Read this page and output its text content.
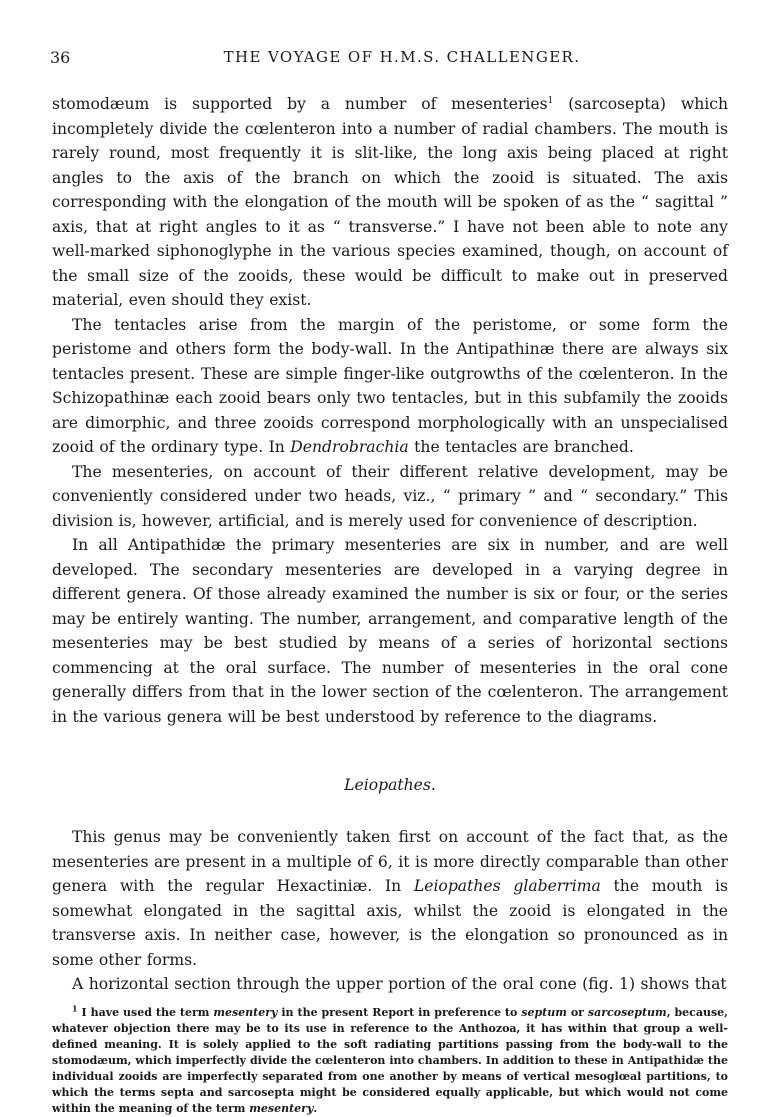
36	THE VOYAGE OF H.M.S. CHALLENGER.

stomodæum is supported by a number of mesenteries$^1$ (sarcosepta) which incompletely divide the cœlenteron into a number of radial chambers. The mouth is rarely round, most frequently it is slit-like, the long axis being placed at right angles to the axis of the branch on which the zooid is situated. The axis corresponding with the elongation of the mouth will be spoken of as the “ sagittal ” axis, that at right angles to it as “ transverse.” I have not been able to note any well-marked siphonoglyphe in the various species examined, though, on account of the small size of the zooids, these would be difficult to make out in preserved material, even should they exist.

The tentacles arise from the margin of the peristome, or some form the peristome and others form the body-wall. In the Antipathinæ there are always six tentacles present. These are simple finger-like outgrowths of the cœlenteron. In the Schizopathinæ each zooid bears only two tentacles, but in this subfamily the zooids are dimorphic, and three zooids correspond morphologically with an unspecialised zooid of the ordinary type. In Dendrobrachia the tentacles are branched.

The mesenteries, on account of their different relative development, may be conveniently considered under two heads, viz., “ primary ” and “ secondary.” This division is, however, artificial, and is merely used for convenience of description.

In all Antipathidæ the primary mesenteries are six in number, and are well developed. The secondary mesenteries are developed in a varying degree in different genera. Of those already examined the number is six or four, or the series may be entirely wanting. The number, arrangement, and comparative length of the mesenteries may be best studied by means of a series of horizontal sections commencing at the oral surface. The number of mesenteries in the oral cone generally differs from that in the lower section of the cœlenteron. The arrangement in the various genera will be best understood by reference to the diagrams.

Leiopathes.

This genus may be conveniently taken first on account of the fact that, as the mesenteries are present in a multiple of 6, it is more directly comparable than other genera with the regular Hexactiniæ. In Leiopathes glaberrima the mouth is somewhat elongated in the sagittal axis, whilst the zooid is elongated in the transverse axis. In neither case, however, is the elongation so pronounced as in some other forms.

A horizontal section through the upper portion of the oral cone (fig. 1) shows that

$^1$ I have used the term mesentery in the present Report in preference to septum or sarcoseptum, because, whatever objection there may be to its use in reference to the Anthozoa, it has within that group a well-defined meaning. It is solely applied to the soft radiating partitions passing from the body-wall to the stomodæum, which imperfectly divide the cœlenteron into chambers. In addition to these in Antipathidæ the individual zooids are imperfectly separated from one another by means of vertical mesoglœal partitions, to which the terms septa and sarcosepta might be considered equally applicable, but which would not come within the meaning of the term mesentery.
